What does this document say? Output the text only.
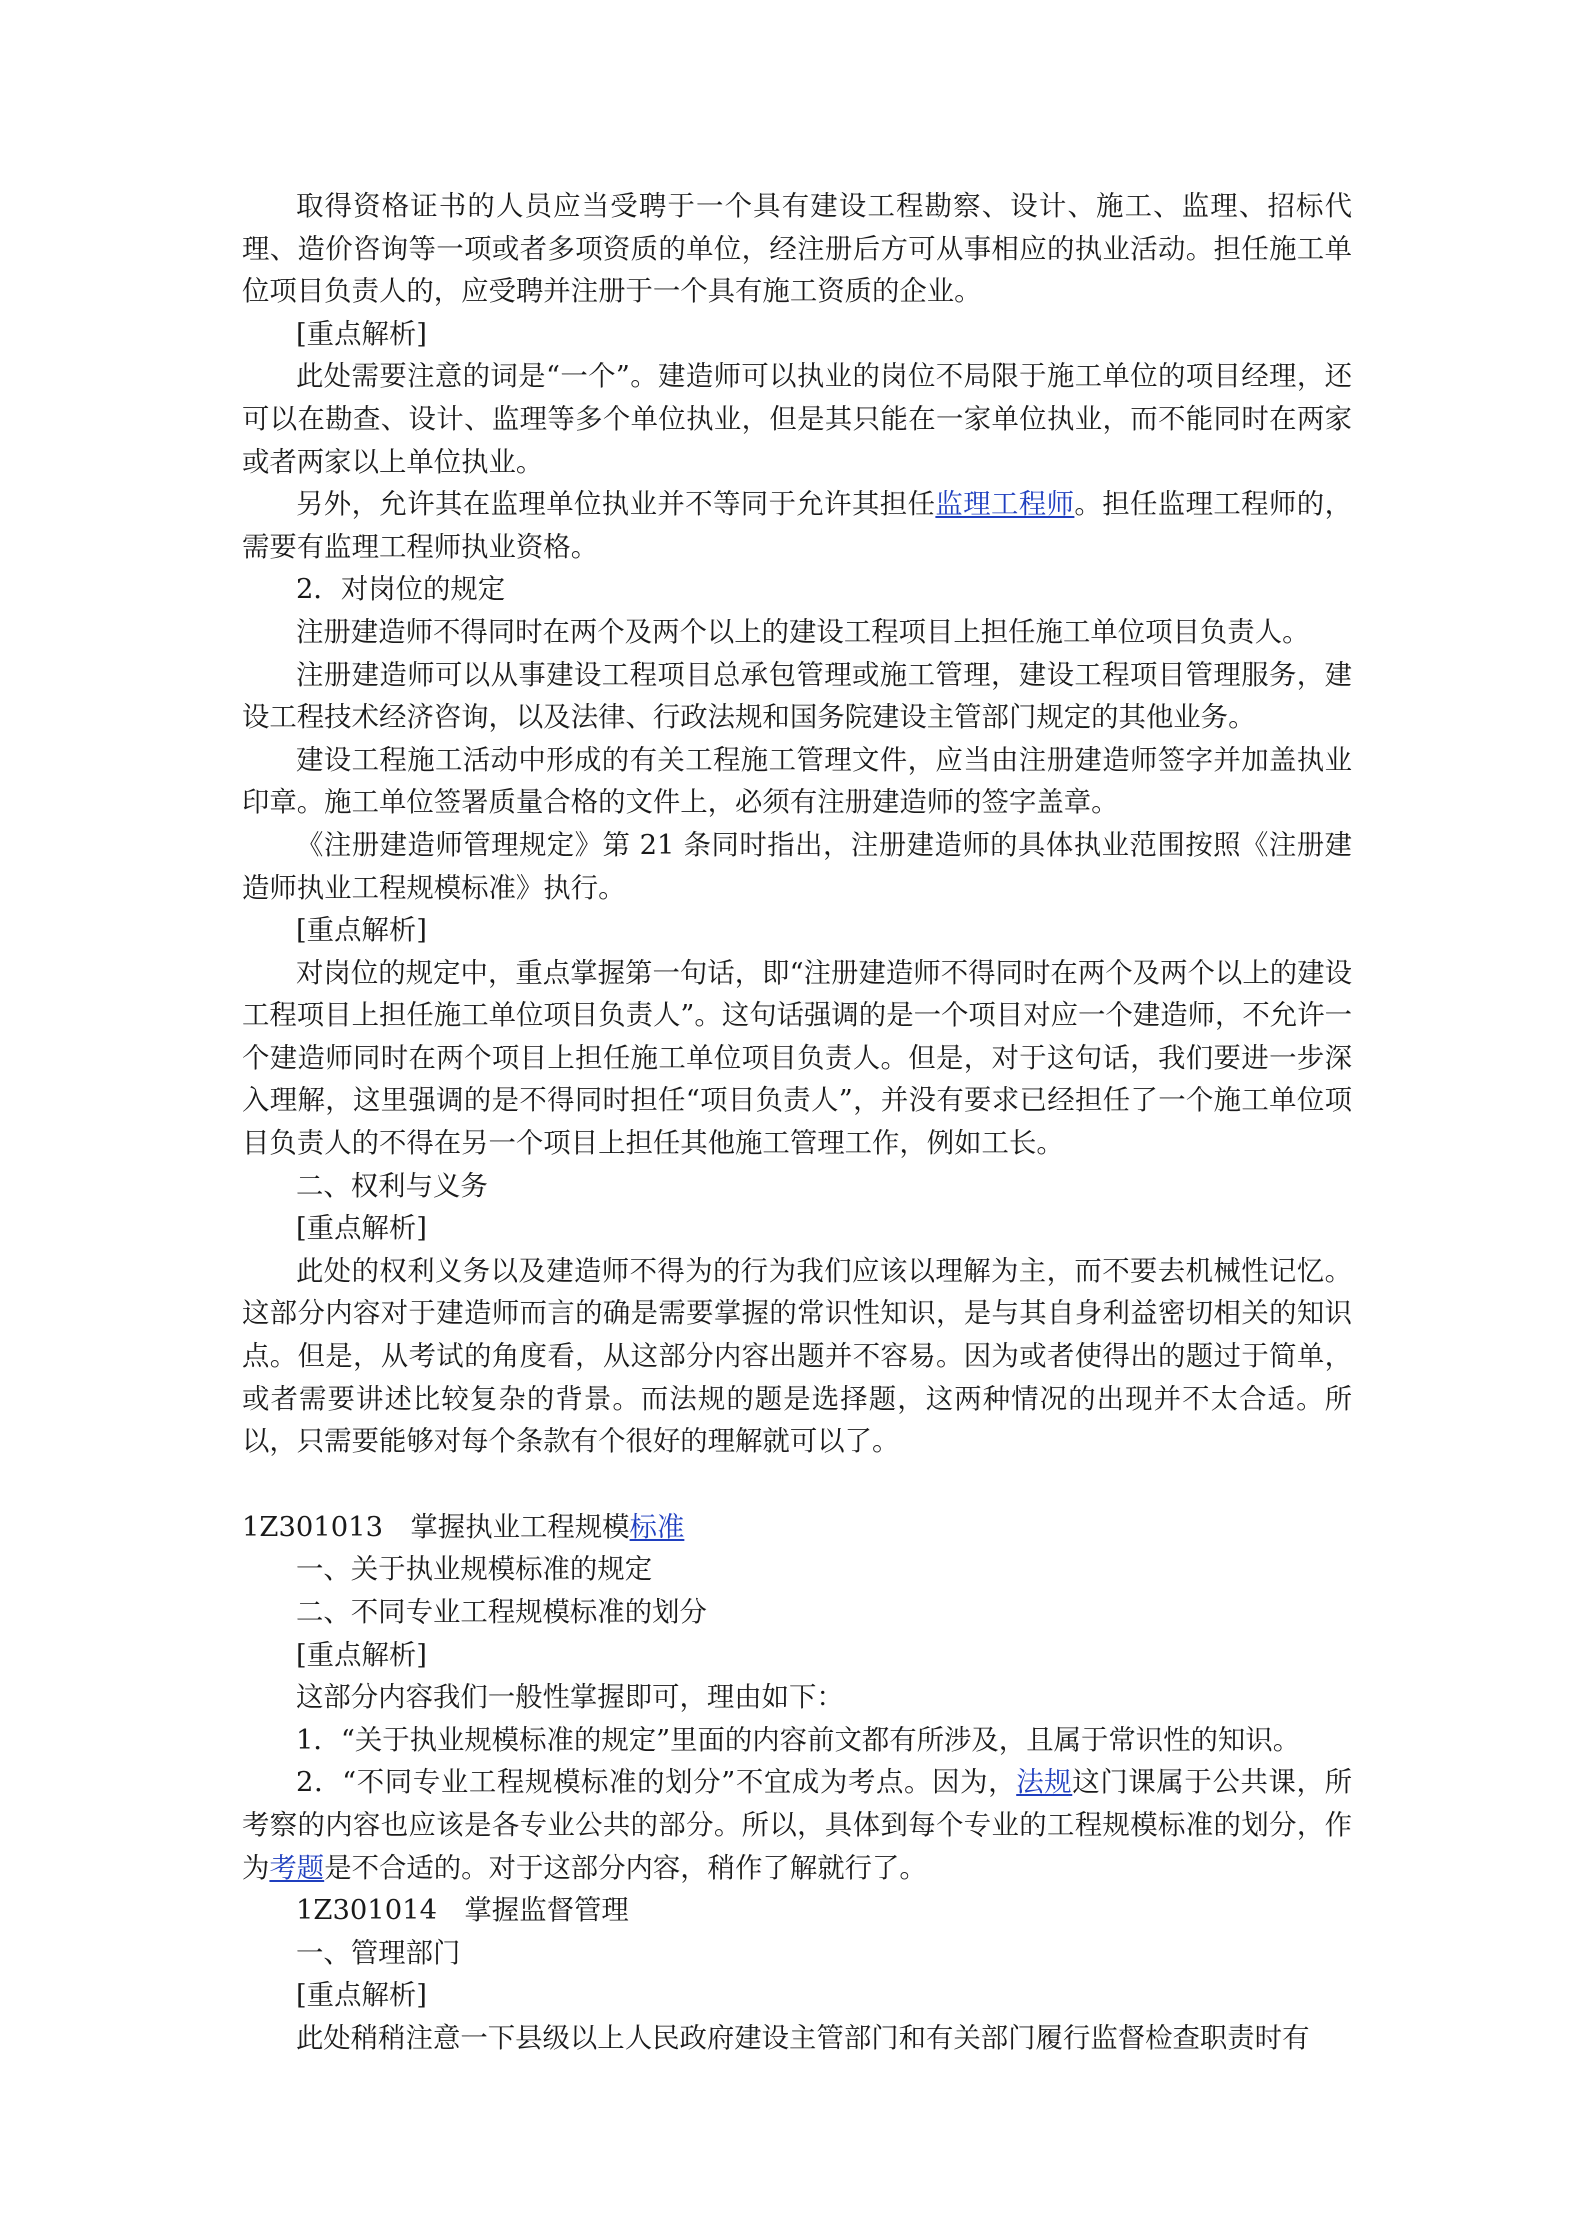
取得资格证书的人员应当受聘于一个具有建设工程勘察、设计、施工、监理、招标代理、造价咨询等一项或者多项资质的单位，经注册后方可从事相应的执业活动。担任施工单位项目负责人的，应受聘并注册于一个具有施工资质的企业。

[重点解析]

此处需要注意的词是“一个”。建造师可以执业的岗位不局限于施工单位的项目经理，还可以在勘查、设计、监理等多个单位执业，但是其只能在一家单位执业，而不能同时在两家或者两家以上单位执业。

另外，允许其在监理单位执业并不等同于允许其担任监理工程师。担任监理工程师的，需要有监理工程师执业资格。

2．对岗位的规定

注册建造师不得同时在两个及两个以上的建设工程项目上担任施工单位项目负责人。

注册建造师可以从事建设工程项目总承包管理或施工管理，建设工程项目管理服务，建设工程技术经济咨询，以及法律、行政法规和国务院建设主管部门规定的其他业务。

建设工程施工活动中形成的有关工程施工管理文件，应当由注册建造师签字并加盖执业印章。施工单位签署质量合格的文件上，必须有注册建造师的签字盖章。

《注册建造师管理规定》第 21 条同时指出，注册建造师的具体执业范围按照《注册建造师执业工程规模标准》执行。

[重点解析]

对岗位的规定中，重点掌握第一句话，即“注册建造师不得同时在两个及两个以上的建设工程项目上担任施工单位项目负责人”。这句话强调的是一个项目对应一个建造师，不允许一个建造师同时在两个项目上担任施工单位项目负责人。但是，对于这句话，我们要进一步深入理解，这里强调的是不得同时担任“项目负责人”，并没有要求已经担任了一个施工单位项目负责人的不得在另一个项目上担任其他施工管理工作，例如工长。

二、权利与义务

[重点解析]

此处的权利义务以及建造师不得为的行为我们应该以理解为主，而不要去机械性记忆。这部分内容对于建造师而言的确是需要掌握的常识性知识，是与其自身利益密切相关的知识点。但是，从考试的角度看，从这部分内容出题并不容易。因为或者使得出的题过于简单，或者需要讲述比较复杂的背景。而法规的题是选择题，这两种情况的出现并不太合适。所以，只需要能够对每个条款有个很好的理解就可以了。

1Z301013　掌握执业工程规模标准

一、关于执业规模标准的规定

二、不同专业工程规模标准的划分

[重点解析]

这部分内容我们一般性掌握即可，理由如下：

1．“关于执业规模标准的规定”里面的内容前文都有所涉及，且属于常识性的知识。

2．“不同专业工程规模标准的划分”不宜成为考点。因为，法规这门课属于公共课，所考察的内容也应该是各专业公共的部分。所以，具体到每个专业的工程规模标准的划分，作为考题是不合适的。对于这部分内容，稍作了解就行了。

1Z301014　掌握监督管理

一、管理部门

[重点解析]

此处稍稍注意一下县级以上人民政府建设主管部门和有关部门履行监督检查职责时有
